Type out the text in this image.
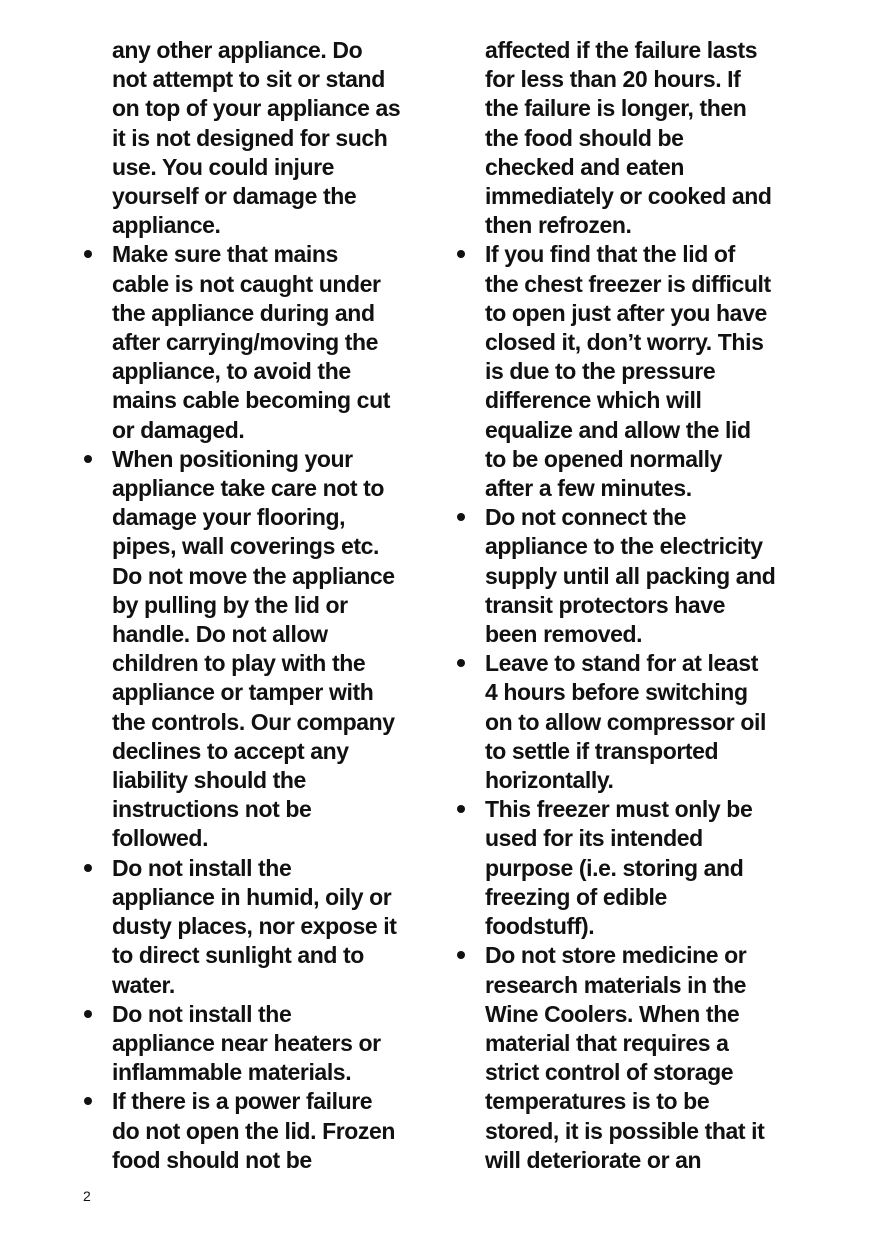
any other appliance. Do
not attempt to sit or stand
on top of your appliance as
it is not designed for such
use. You could injure
yourself or damage the
appliance.

Make sure that mains
cable is not caught under
the appliance during and
after carrying/moving the
appliance, to avoid the
mains cable becoming cut
or damaged.
When positioning your
appliance take care not to
damage your flooring,
pipes, wall coverings etc.
Do not move the appliance
by pulling by the lid or
handle. Do not allow
children to play with the
appliance or tamper with
the controls. Our company
declines to accept any
liability should the
instructions not be
followed.
Do not install the
appliance in humid, oily or
dusty places, nor expose it
to direct sunlight and to
water.
Do not install the
appliance near heaters or
inflammable materials.
If there is a power failure
do not open the lid. Frozen
food should not be

affected if the failure lasts
for less than 20 hours. If
the failure is longer, then
the food should be
checked and eaten
immediately or cooked and
then refrozen.

If you find that the lid of
the chest freezer is difficult
to open just after you have
closed it, don’t worry. This
is due to the pressure
difference which will
equalize and allow the lid
to be opened normally
after a few minutes.
Do not connect the
appliance to the electricity
supply until all packing and
transit protectors have
been removed.
Leave to stand for at least
4 hours before switching
on to allow compressor oil
to settle if transported
horizontally.
This freezer must only be
used for its intended
purpose (i.e. storing and
freezing of edible
foodstuff).
Do not store medicine or
research materials in the
Wine Coolers. When the
material that requires a
strict control of storage
temperatures is to be
stored, it is possible that it
will deteriorate or an
2
